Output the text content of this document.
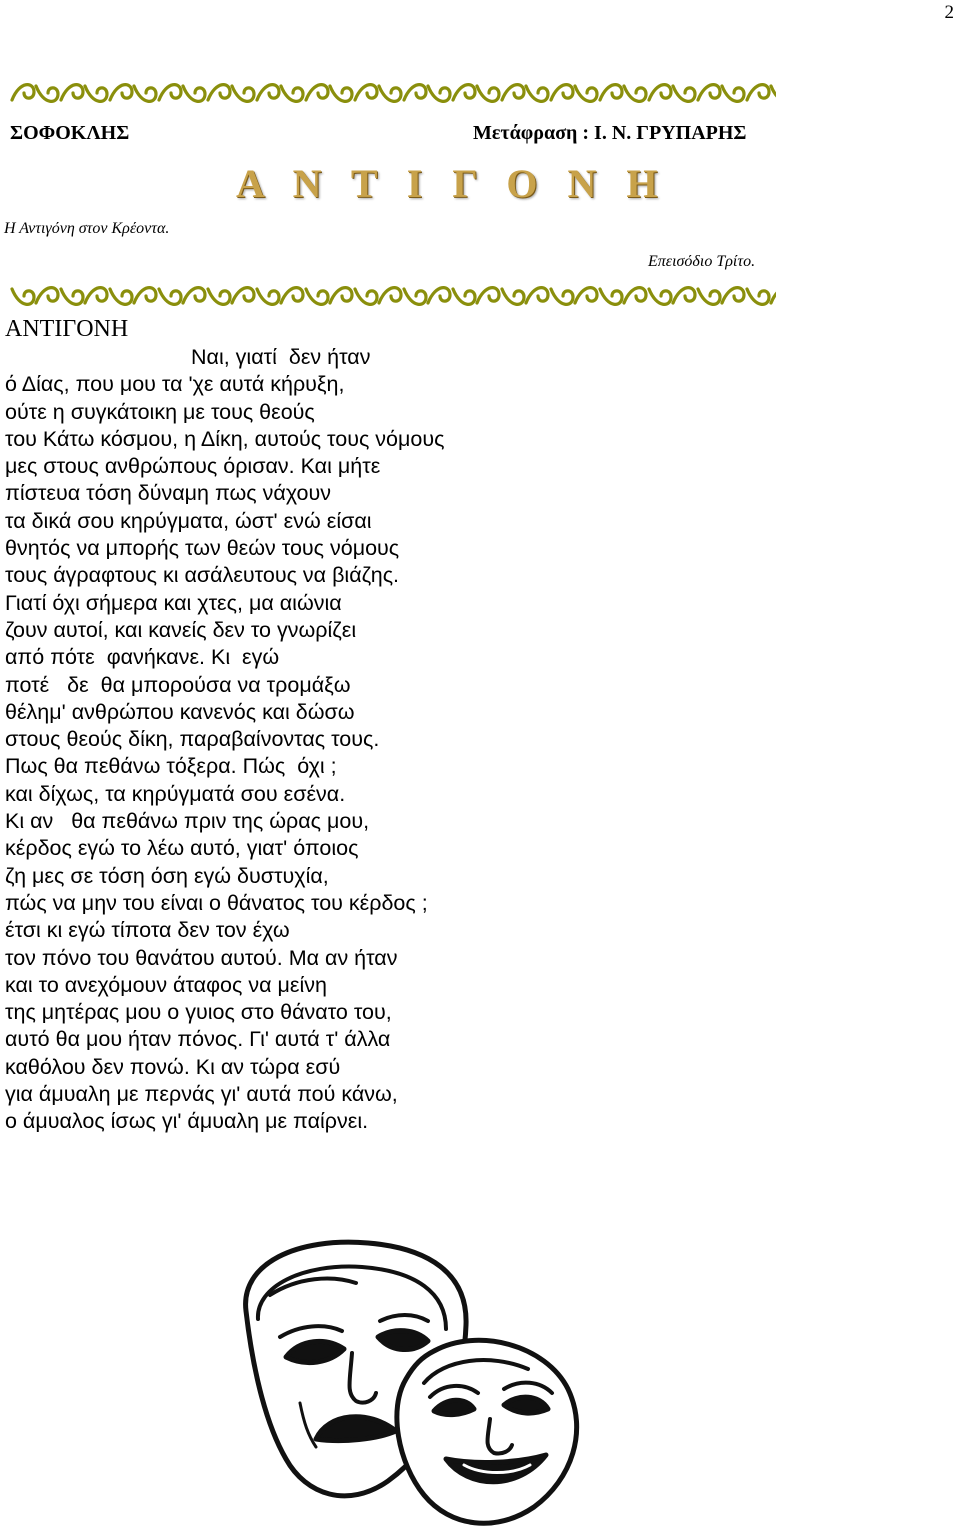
2
ΣΟΦΟΚΛΗΣ	Μετάφραση : Ι. Ν. ΓΡΥΠΑΡΗΣ
Α Ν Τ Ι Γ Ο Ν Η
Η Αντιγόνη στον Κρέοντα.
Επεισόδιο Τρίτο.
ΑΝΤΙΓΟΝΗ
Ναι, γιατί  δεν ήταν
ό Δίας, που μου τα 'χε αυτά κήρυξη,
ούτε η συγκάτοικη με τους θεούς
του Κάτω κόσμου, η Δίκη, αυτούς τους νόμους
μες στους ανθρώπους όρισαν. Και μήτε
πίστευα τόση δύναμη πως νάχουν
τα δικά σου κηρύγματα, ώστ' ενώ είσαι
θνητός να μπορής των θεών τους νόμους
τους άγραφτους κι ασάλευτους να βιάζης.
Γιατί όχι σήμερα και χτες, μα αιώνια
ζουν αυτοί, και κανείς δεν το γνωρίζει
από πότε  φανήκανε. Κι  εγώ
ποτέ   δε  θα μπορούσα να τρομάξω
θέλημ' ανθρώπου κανενός και δώσω
στους θεούς δίκη, παραβαίνοντας τους.
Πως θα πεθάνω τόξερα. Πώς  όχι ;
και δίχως, τα κηρύγματά σου εσένα.
Κι αν   θα πεθάνω πριν της ώρας μου,
κέρδος εγώ το λέω αυτό, γιατ' όποιος
ζη μες σε τόση όση εγώ δυστυχία,
πώς να μην του είναι ο θάνατος του κέρδος ;
έτσι κι εγώ τίποτα δεν τον έχω
τον πόνο του θανάτου αυτού. Μα αν ήταν
και το ανεχόμουν άταφος να μείνη
της μητέρας μου ο γυιος στο θάνατο του,
αυτό θα μου ήταν πόνος. Γι' αυτά τ' άλλα
καθόλου δεν πονώ. Κι αν τώρα εσύ
για άμυαλη με περνάς γι' αυτά πού κάνω,
ο άμυαλος ίσως γι' άμυαλη με παίρνει.
